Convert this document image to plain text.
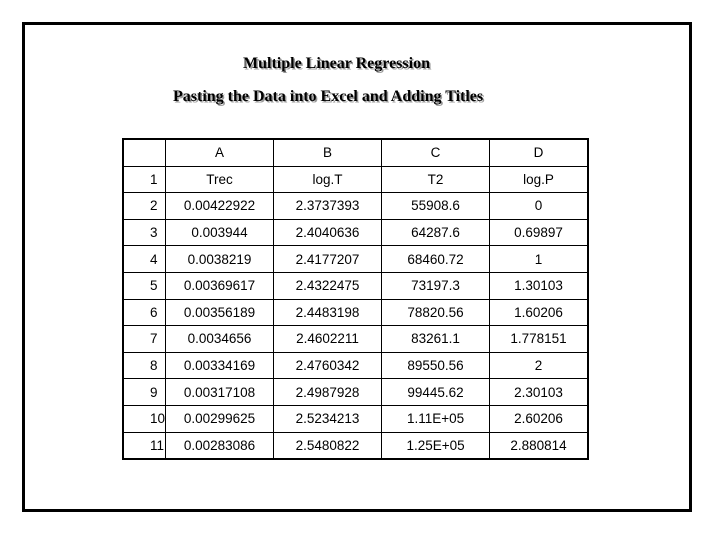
Multiple Linear Regression
Pasting the Data into Excel and Adding Titles
	A	B	C	D
1	Trec	log.T	T2	log.P
2	0.00422922	2.3737393	55908.6	0
3	0.003944	2.4040636	64287.6	0.69897
4	0.0038219	2.4177207	68460.72	1
5	0.00369617	2.4322475	73197.3	1.30103
6	0.00356189	2.4483198	78820.56	1.60206
7	0.0034656	2.4602211	83261.1	1.778151
8	0.00334169	2.4760342	89550.56	2
9	0.00317108	2.4987928	99445.62	2.30103
10	0.00299625	2.5234213	1.11E+05	2.60206
11	0.00283086	2.5480822	1.25E+05	2.880814
